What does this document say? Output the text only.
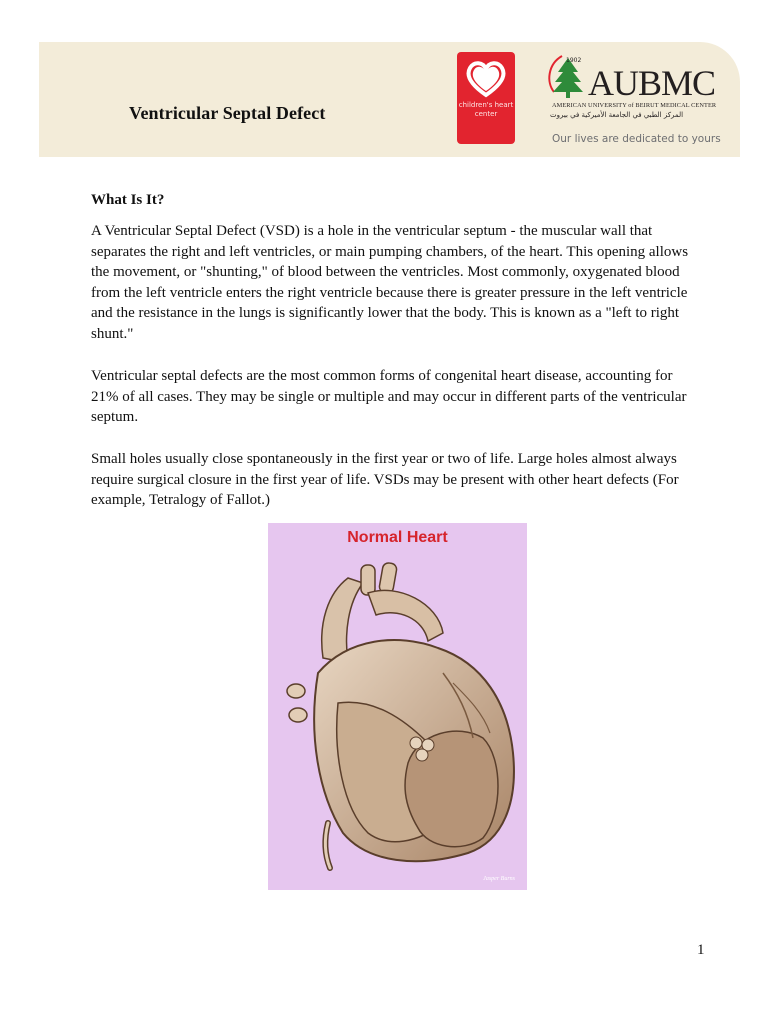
Ventricular Septal Defect	children's heart center
1902
AUBMC
AMERICAN UNIVERSITY of BEIRUT MEDICAL CENTER
المركز الطبي في الجامعة الأميركية في بيروت
Our lives are dedicated to yours
What Is It?

A Ventricular Septal Defect (VSD) is a hole in the ventricular septum - the muscular wall that separates the right and left ventricles, or main pumping chambers, of the heart. This opening allows the movement, or "shunting," of blood between the ventricles. Most commonly, oxygenated blood from the left ventricle enters the right ventricle because there is greater pressure in the left ventricle and the resistance in the lungs is significantly lower that the body. This is known as a "left to right shunt."

Ventricular septal defects are the most common forms of congenital heart disease, accounting for 21% of all cases. They may be single or multiple and may occur in different parts of the ventricular septum.

Small holes usually close spontaneously in the first year or two of life. Large holes almost always require surgical closure in the first year of life. VSDs may be present with other heart defects (For example, Tetralogy of Fallot.)

Normal Heart
Jasper Burns
1
